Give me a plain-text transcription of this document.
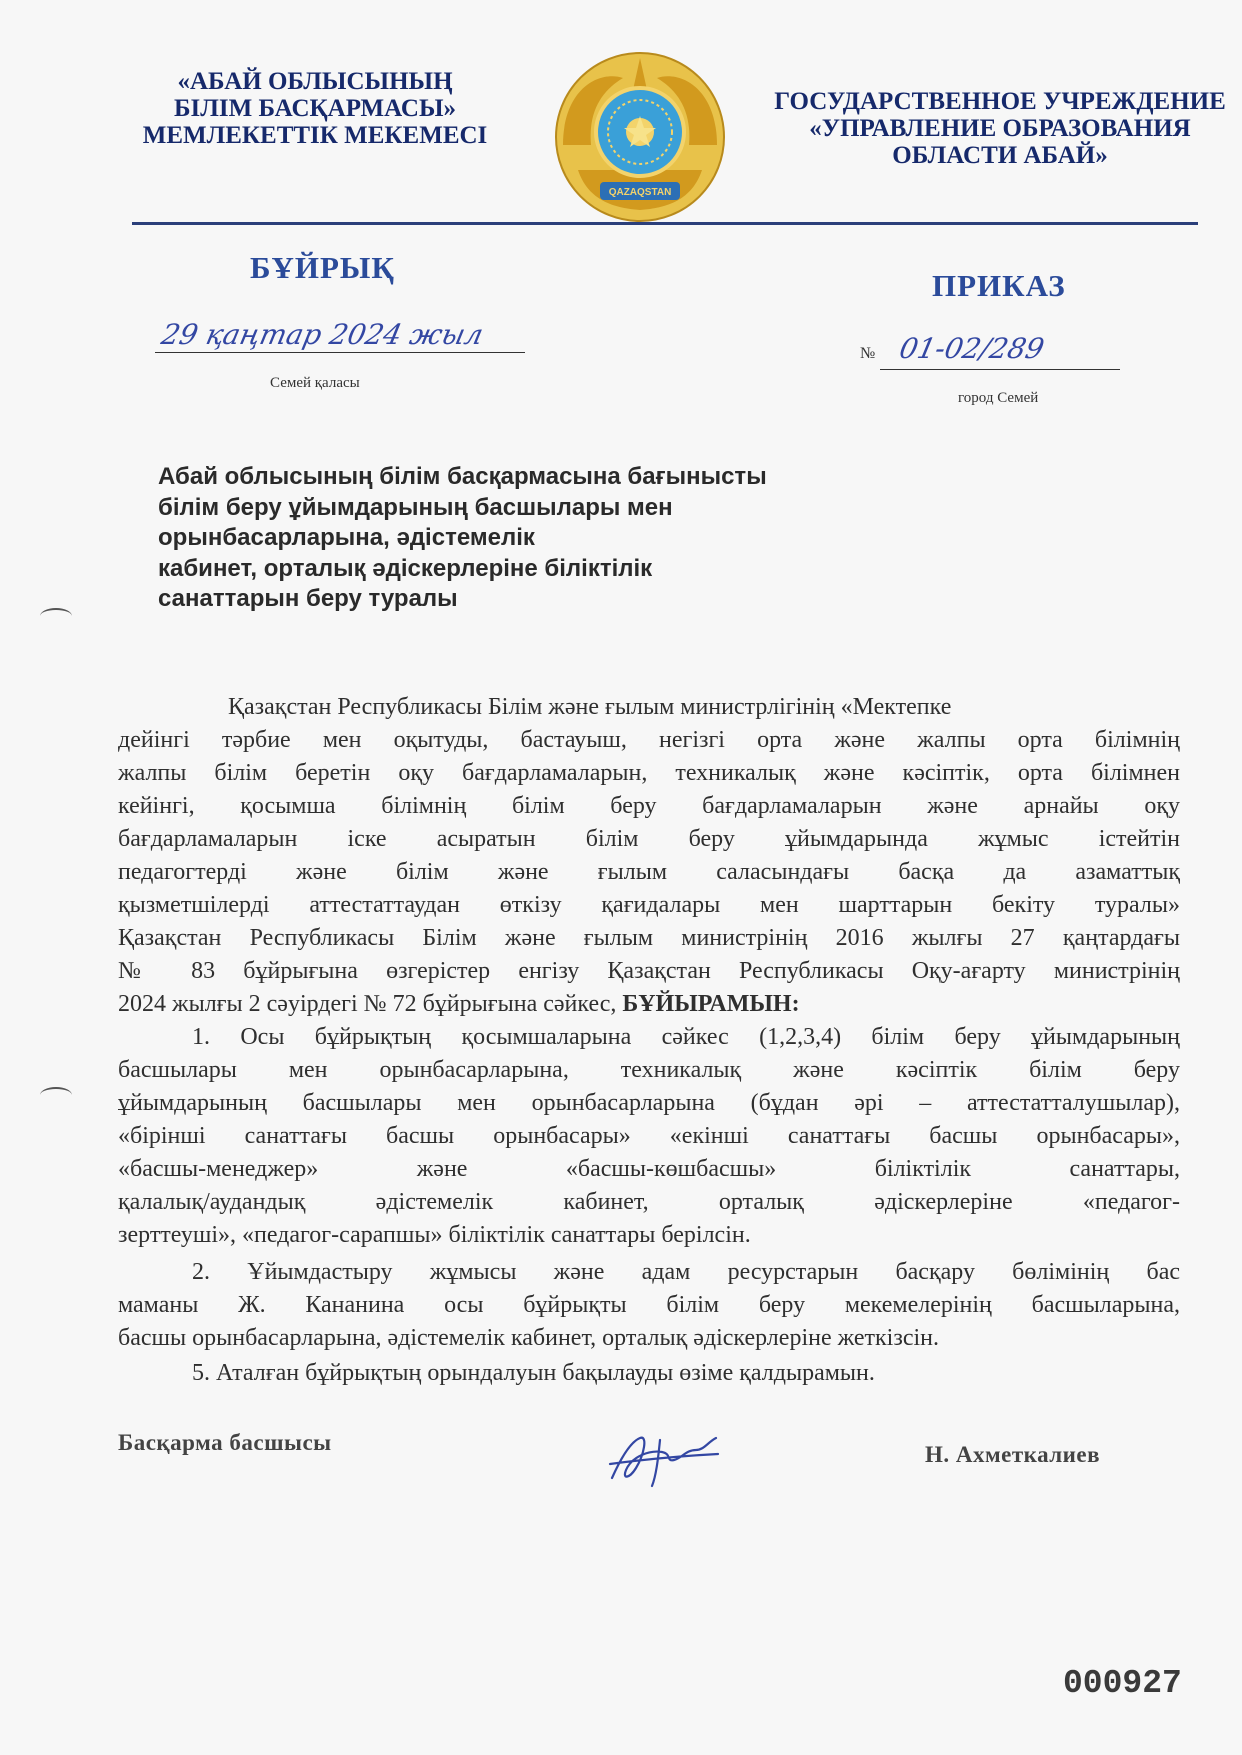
«АБАЙ ОБЛЫСЫНЫҢ
БІЛІМ БАСҚАРМАСЫ»
МЕМЛЕКЕТТІК МЕКЕМЕСІ
QAZAQSTAN
ГОСУДАРСТВЕННОЕ УЧРЕЖДЕНИЕ
«УПРАВЛЕНИЕ ОБРАЗОВАНИЯ
ОБЛАСТИ АБАЙ»
БҰЙРЫҚ
ПРИКАЗ
29 қаңтар 2024 жыл
Семей қаласы
№ 01-02/289
город Семей
Абай облысының білім басқармасына бағынысты
білім беру ұйымдарының басшылары мен
орынбасарларына, әдістемелік
кабинет, орталық әдіскерлеріне біліктілік
санаттарын беру туралы
Қазақстан Республикасы Білім және ғылым министрлігінің «Мектепке
дейінгі тәрбие мен оқытуды, бастауыш, негізгі орта және жалпы орта білімнің
жалпы білім беретін оқу бағдарламаларын, техникалық және кәсіптік, орта білімнен
кейінгі, қосымша білімнің білім беру бағдарламаларын және арнайы оқу
бағдарламаларын іске асыратын білім беру ұйымдарында жұмыс істейтін
педагогтерді және білім және ғылым саласындағы басқа да азаматтық
қызметшілерді аттестаттаудан өткізу қағидалары мен шарттарын бекіту туралы»
Қазақстан Республикасы Білім және ғылым министрінің 2016 жылғы 27 қаңтардағы
№ 83 бұйрығына өзгерістер енгізу Қазақстан Республикасы Оқу-ағарту министрінің
2024 жылғы 2 сәуірдегі № 72 бұйрығына сәйкес, БҰЙЫРАМЫН:
1. Осы бұйрықтың қосымшаларына сәйкес (1,2,3,4) білім беру ұйымдарының
басшылары мен орынбасарларына, техникалық және кәсіптік білім беру
ұйымдарының басшылары мен орынбасарларына (бұдан әрі – аттестатталушылар),
«бірінші санаттағы басшы орынбасары» «екінші санаттағы басшы орынбасары»,
«басшы-менеджер» және «басшы-көшбасшы» біліктілік санаттары,
қалалық/аудандық әдістемелік кабинет, орталық әдіскерлеріне «педагог-
зерттеуші», «педагог-сарапшы» біліктілік санаттары берілсін.
2. Ұйымдастыру жұмысы және адам ресурстарын басқару бөлімінің бас
маманы Ж. Кананина осы бұйрықты білім беру мекемелерінің басшыларына,
басшы орынбасарларына, әдістемелік кабинет, орталық әдіскерлеріне жеткізсін.
5. Аталған бұйрықтың орындалуын бақылауды өзіме қалдырамын.
Басқарма басшысы	Н. Ахметкалиев
000927
